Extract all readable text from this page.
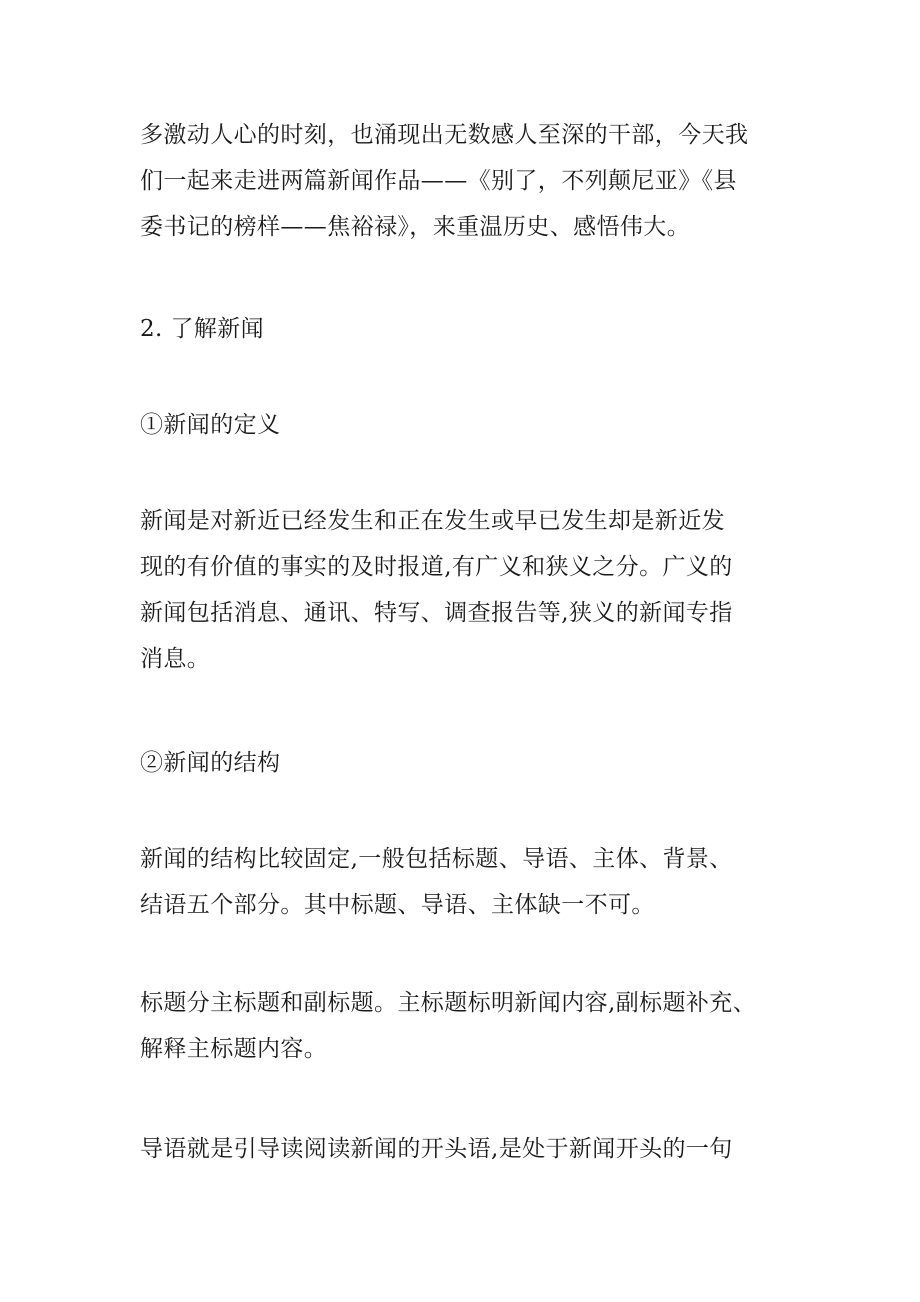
多激动人心的时刻，也涌现出无数感人至深的干部，今天我
们一起来走进两篇新闻作品——《别了，不列颠尼亚》《县
委书记的榜样——焦裕禄》，来重温历史、感悟伟大。
2. 了解新闻
①新闻的定义
新闻是对新近已经发生和正在发生或早已发生却是新近发
现的有价值的事实的及时报道,有广义和狭义之分。广义的
新闻包括消息、通讯、特写、调查报告等,狭义的新闻专指
消息。
②新闻的结构
新闻的结构比较固定,一般包括标题、导语、主体、背景、
结语五个部分。其中标题、导语、主体缺一不可。
标题分主标题和副标题。主标题标明新闻内容,副标题补充、
解释主标题内容。
导语就是引导读阅读新闻的开头语,是处于新闻开头的一句
